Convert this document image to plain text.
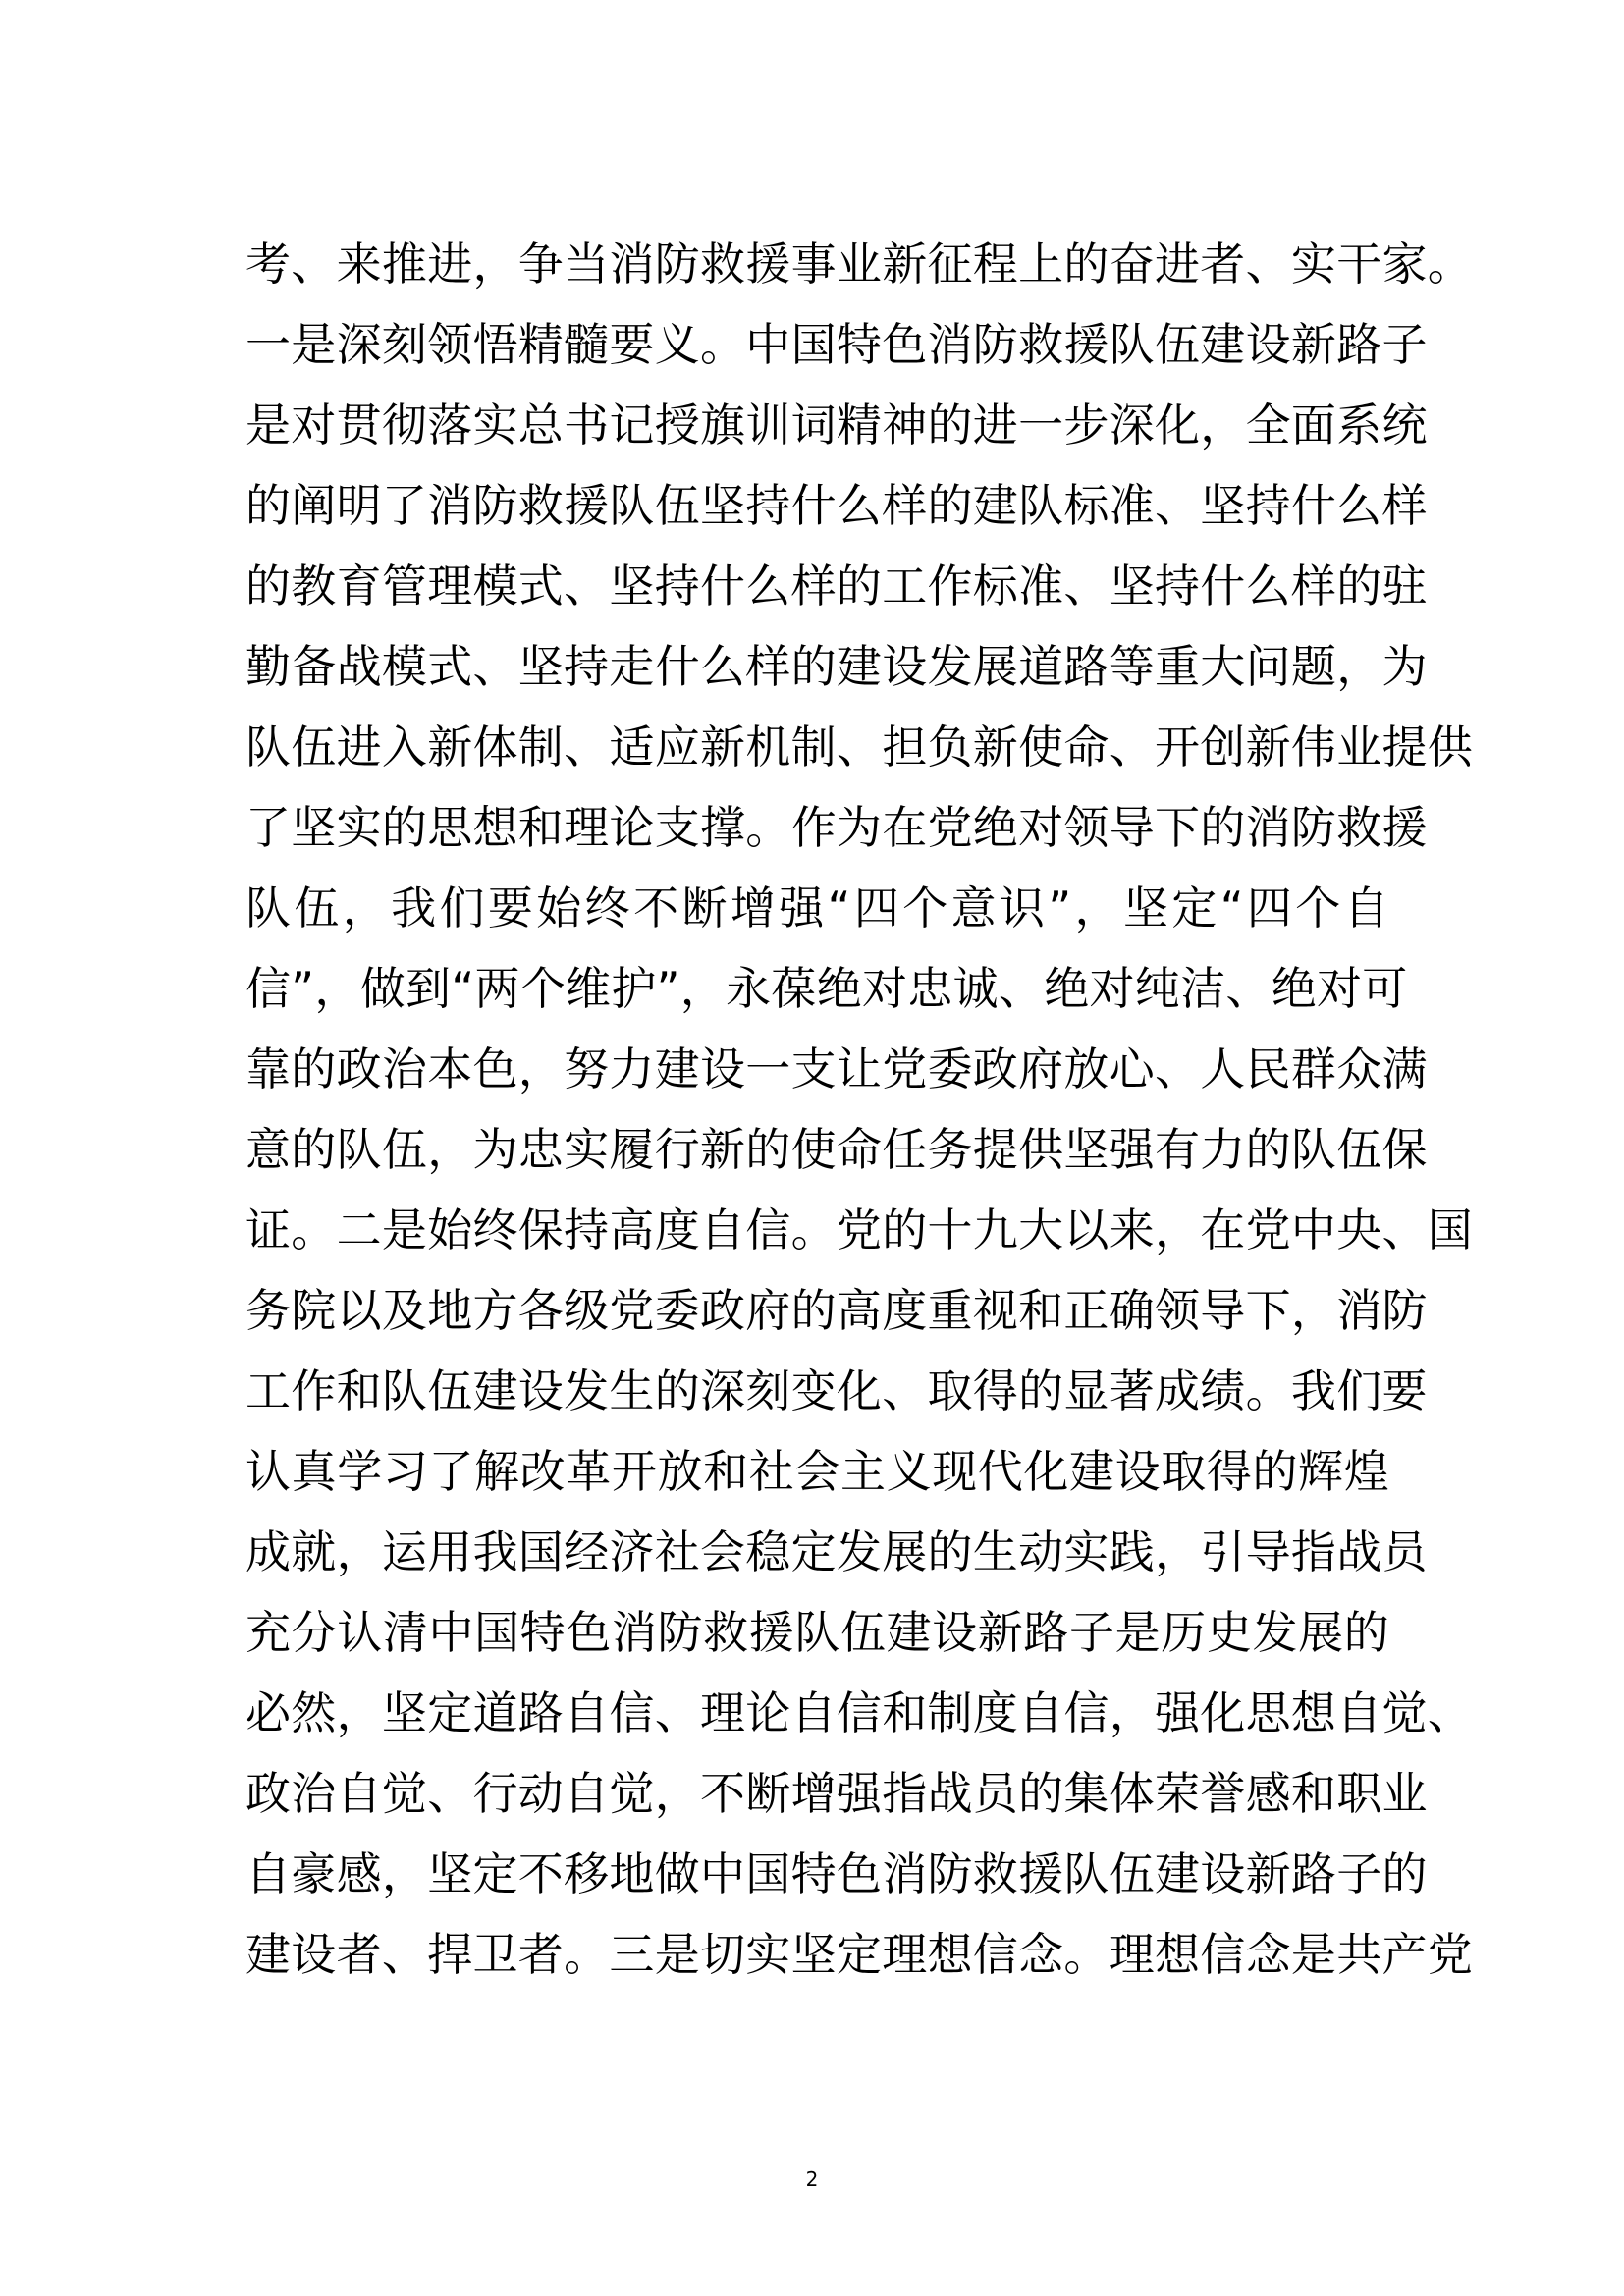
考、来推进，争当消防救援事业新征程上的奋进者、实干家。
一是深刻领悟精髓要义。中国特色消防救援队伍建设新路子
是对贯彻落实总书记授旗训词精神的进一步深化，全面系统
的阐明了消防救援队伍坚持什么样的建队标准、坚持什么样
的教育管理模式、坚持什么样的工作标准、坚持什么样的驻
勤备战模式、坚持走什么样的建设发展道路等重大问题，为
队伍进入新体制、适应新机制、担负新使命、开创新伟业提供
了坚实的思想和理论支撑。作为在党绝对领导下的消防救援
队伍，我们要始终不断增强“四个意识”，坚定“四个自
信”，做到“两个维护”，永葆绝对忠诚、绝对纯洁、绝对可
靠的政治本色，努力建设一支让党委政府放心、人民群众满
意的队伍，为忠实履行新的使命任务提供坚强有力的队伍保
证。二是始终保持高度自信。党的十九大以来，在党中央、国
务院以及地方各级党委政府的高度重视和正确领导下，消防
工作和队伍建设发生的深刻变化、取得的显著成绩。我们要
认真学习了解改革开放和社会主义现代化建设取得的辉煌
成就，运用我国经济社会稳定发展的生动实践，引导指战员
充分认清中国特色消防救援队伍建设新路子是历史发展的
必然，坚定道路自信、理论自信和制度自信，强化思想自觉、
政治自觉、行动自觉，不断增强指战员的集体荣誉感和职业
自豪感，坚定不移地做中国特色消防救援队伍建设新路子的
建设者、捍卫者。三是切实坚定理想信念。理想信念是共产党
2
